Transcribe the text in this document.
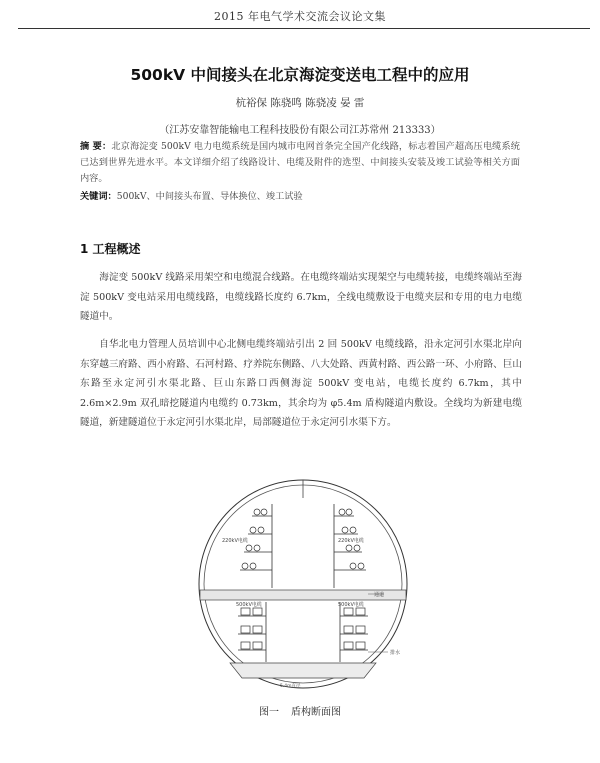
2015 年电气学术交流会议论文集
500kV 中间接头在北京海淀变送电工程中的应用
杭裕保 陈骁鸣 陈骁凌 晏 雷
（江苏安靠智能输电工程科技股份有限公司江苏常州 213333）
摘 要：北京海淀变 500kV 电力电缆系统是国内城市电网首条完全国产化线路，标志着国产超高压电缆系统已达到世界先进水平。本文详细介绍了线路设计、电缆及附件的选型、中间接头安装及竣工试验等相关方面内容。
关键词：500kV、中间接头布置、导体换位、竣工试验
1 工程概述
海淀变 500kV 线路采用架空和电缆混合线路。在电缆终端站实现架空与电缆转接，电缆终端站至海淀 500kV 变电站采用电缆线路，电缆线路长度约 6.7km，全线电缆敷设于电缆夹层和专用的电力电缆隧道中。
自华北电力管理人员培训中心北侧电缆终端站引出 2 回 500kV 电缆线路，沿永定河引水渠北岸向东穿越三府路、西小府路、石河村路、疗养院东侧路、八大处路、西黄村路、西公路一环、小府路、巨山东路至永定河引水渠北路、巨山东路口西侧海淀 500kV 变电站，电缆长度约 6.7km，其中 2.6m×2.9m 双孔暗挖隧道内电缆约 0.73km，其余均为 φ5.4m 盾构隧道内敷设。全线均为新建电缆隧道，新建隧道位于永定河引水渠北岸，局部隧道位于永定河引水渠下方。
220kV电缆	220kV电缆
500kV电缆	500kV电缆
通道
排水
5.4m直径
图一 盾构断面图
